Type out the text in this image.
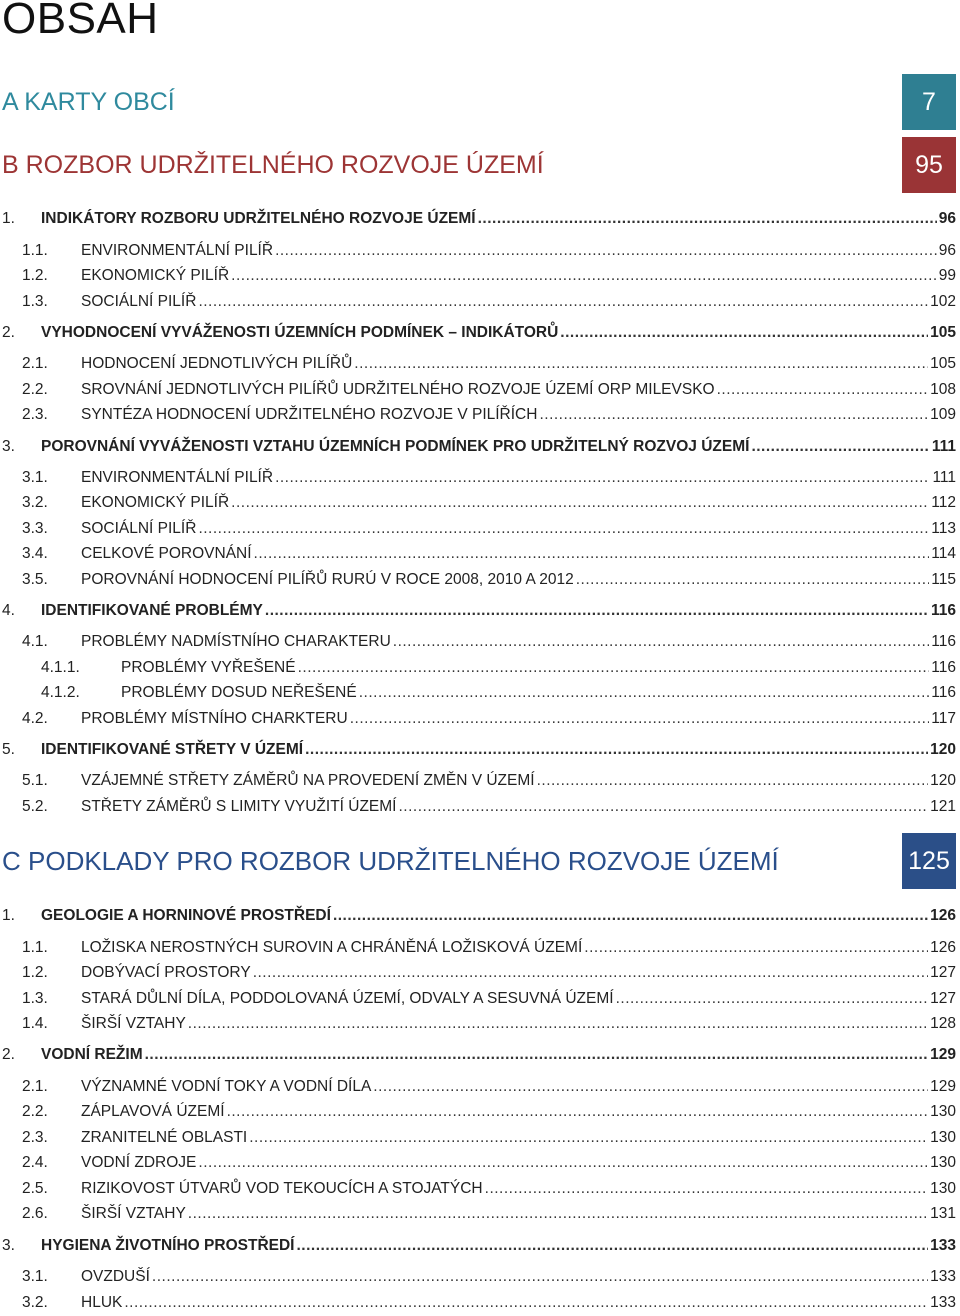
OBSAH
A KARTY OBCÍ	7
B ROZBOR UDRŽITELNÉHO ROZVOJE ÚZEMÍ	95
1.	INDIKÁTORY ROZBORU UDRŽITELNÉHO ROZVOJE ÚZEMÍ .....	96
1.1.	ENVIRONMENTÁLNÍ PILÍŘ .....	96
1.2.	EKONOMICKÝ PILÍŘ .....	99
1.3.	SOCIÁLNÍ PILÍŘ .....	102
2.	VYHODNOCENÍ VYVÁŽENOSTI ÚZEMNÍCH PODMÍNEK – INDIKÁTORŮ .....	105
2.1.	HODNOCENÍ JEDNOTLIVÝCH PILÍŘŮ .....	105
2.2.	SROVNÁNÍ JEDNOTLIVÝCH PILÍŘŮ UDRŽITELNÉHO ROZVOJE ÚZEMÍ ORP MILEVSKO .....	108
2.3.	SYNTÉZA HODNOCENÍ UDRŽITELNÉHO ROZVOJE V PILÍŘÍCH .....	109
3.	POROVNÁNÍ VYVÁŽENOSTI VZTAHU ÚZEMNÍCH PODMÍNEK PRO UDRŽITELNÝ ROZVOJ ÚZEMÍ .....	111
3.1.	ENVIRONMENTÁLNÍ PILÍŘ .....	111
3.2.	EKONOMICKÝ PILÍŘ .....	112
3.3.	SOCIÁLNÍ PILÍŘ .....	113
3.4.	CELKOVÉ POROVNÁNÍ .....	114
3.5.	POROVNÁNÍ HODNOCENÍ PILÍŘŮ RURÚ V ROCE 2008, 2010 A 2012 .....	115
4.	IDENTIFIKOVANÉ PROBLÉMY .....	116
4.1.	PROBLÉMY NADMÍSTNÍHO CHARAKTERU .....	116
4.1.1.	PROBLÉMY VYŘEŠENÉ .....	116
4.1.2.	PROBLÉMY DOSUD NEŘEŠENÉ .....	116
4.2.	PROBLÉMY MÍSTNÍHO CHARKTERU .....	117
5.	IDENTIFIKOVANÉ STŘETY V ÚZEMÍ .....	120
5.1.	VZÁJEMNÉ STŘETY ZÁMĚRŮ NA PROVEDENÍ ZMĚN V ÚZEMÍ .....	120
5.2.	STŘETY ZÁMĚRŮ S LIMITY VYUŽITÍ ÚZEMÍ .....	121
C PODKLADY PRO ROZBOR UDRŽITELNÉHO ROZVOJE ÚZEMÍ	125
1.	GEOLOGIE A HORNINOVÉ PROSTŘEDÍ .....	126
1.1.	LOŽISKA NEROSTNÝCH SUROVIN A CHRÁNĚNÁ LOŽISKOVÁ ÚZEMÍ .....	126
1.2.	DOBÝVACÍ PROSTORY .....	127
1.3.	STARÁ DŮLNÍ DÍLA, PODDOLOVANÁ ÚZEMÍ, ODVALY A SESUVNÁ ÚZEMÍ .....	127
1.4.	ŠIRŠÍ VZTAHY .....	128
2.	VODNÍ REŽIM .....	129
2.1.	VÝZNAMNÉ VODNÍ TOKY A VODNÍ DÍLA .....	129
2.2.	ZÁPLAVOVÁ ÚZEMÍ .....	130
2.3.	ZRANITELNÉ OBLASTI .....	130
2.4.	VODNÍ ZDROJE .....	130
2.5.	RIZIKOVOST ÚTVARŮ VOD TEKOUCÍCH A STOJATÝCH .....	130
2.6.	ŠIRŠÍ VZTAHY .....	131
3.	HYGIENA ŽIVOTNÍHO PROSTŘEDÍ .....	133
3.1.	OVZDUŠÍ .....	133
3.2.	HLUK .....	133
